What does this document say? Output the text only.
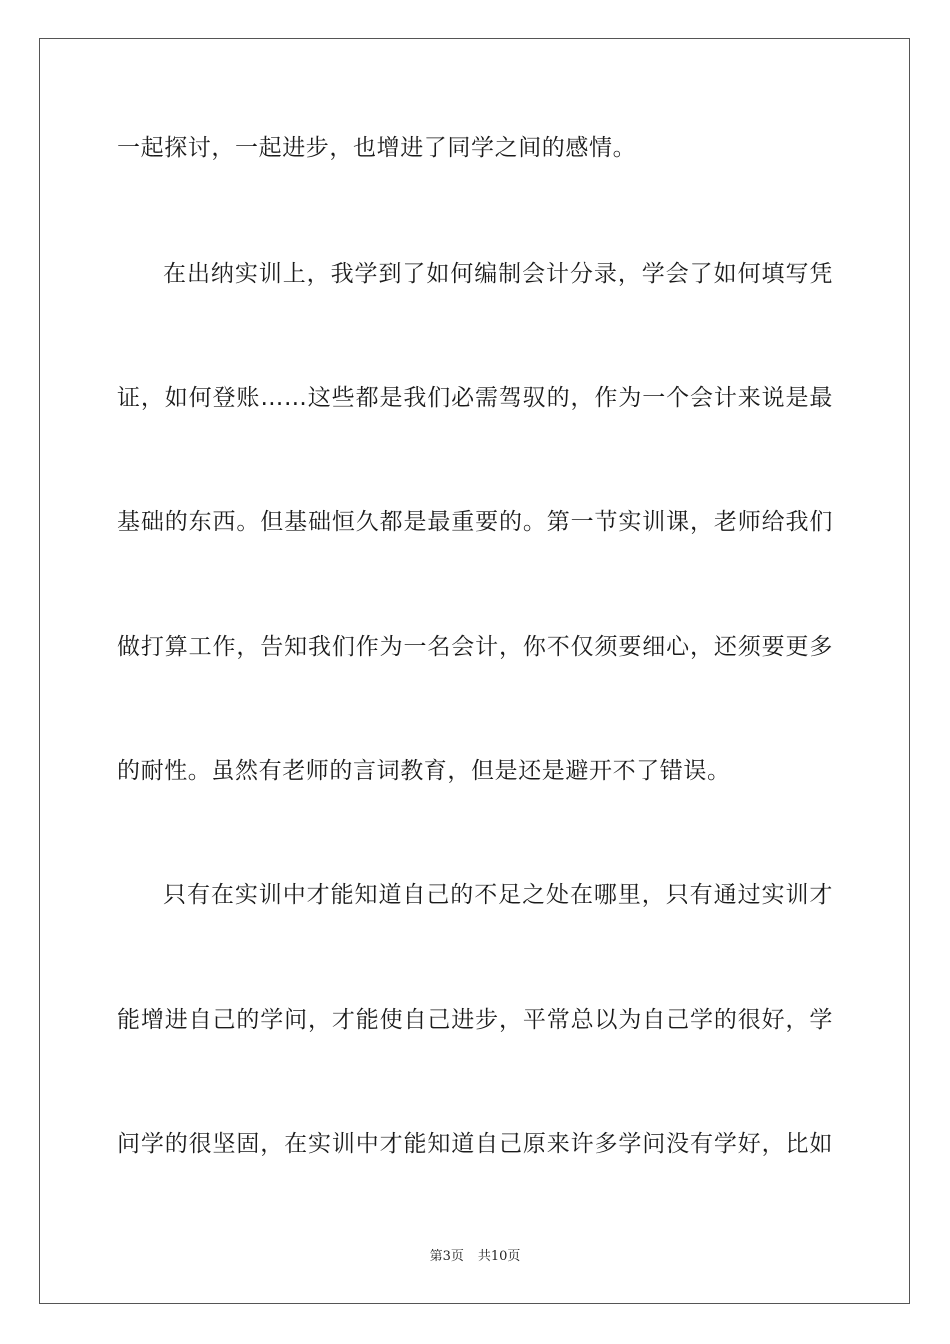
一起探讨，一起进步，也增进了同学之间的感情。
在出纳实训上，我学到了如何编制会计分录，学会了如何填写凭
证，如何登账……这些都是我们必需驾驭的，作为一个会计来说是最
基础的东西。但基础恒久都是最重要的。第一节实训课，老师给我们
做打算工作，告知我们作为一名会计，你不仅须要细心，还须要更多
的耐性。虽然有老师的言词教育，但是还是避开不了错误。
只有在实训中才能知道自己的不足之处在哪里，只有通过实训才
能增进自己的学问，才能使自己进步，平常总以为自己学的很好，学
问学的很坚固，在实训中才能知道自己原来许多学问没有学好，比如
第3页 共10页
